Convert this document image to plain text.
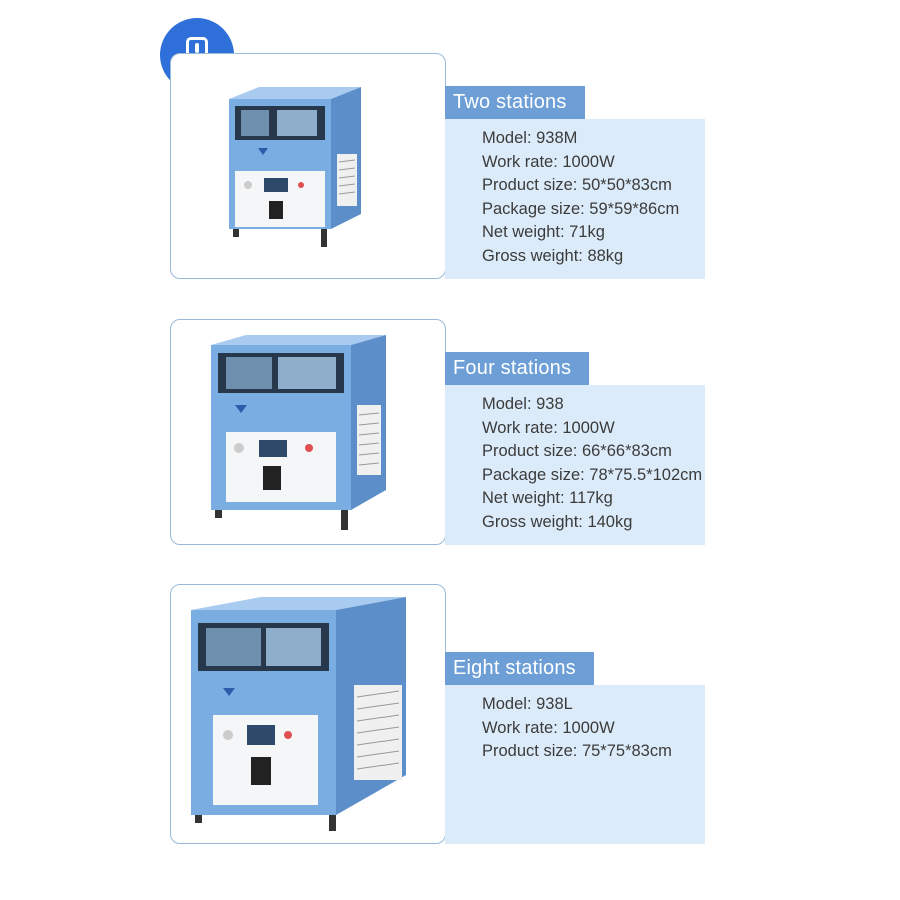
Two stations
Model: 938M
Work rate: 1000W
Product size: 50*50*83cm
Package size: 59*59*86cm
Net weight: 71kg
Gross weight: 88kg
Four stations
Model: 938
Work rate: 1000W
Product size: 66*66*83cm
Package size: 78*75.5*102cm
Net weight: 117kg
Gross weight: 140kg
Eight stations
Model: 938L
Work rate: 1000W
Product size: 75*75*83cm
